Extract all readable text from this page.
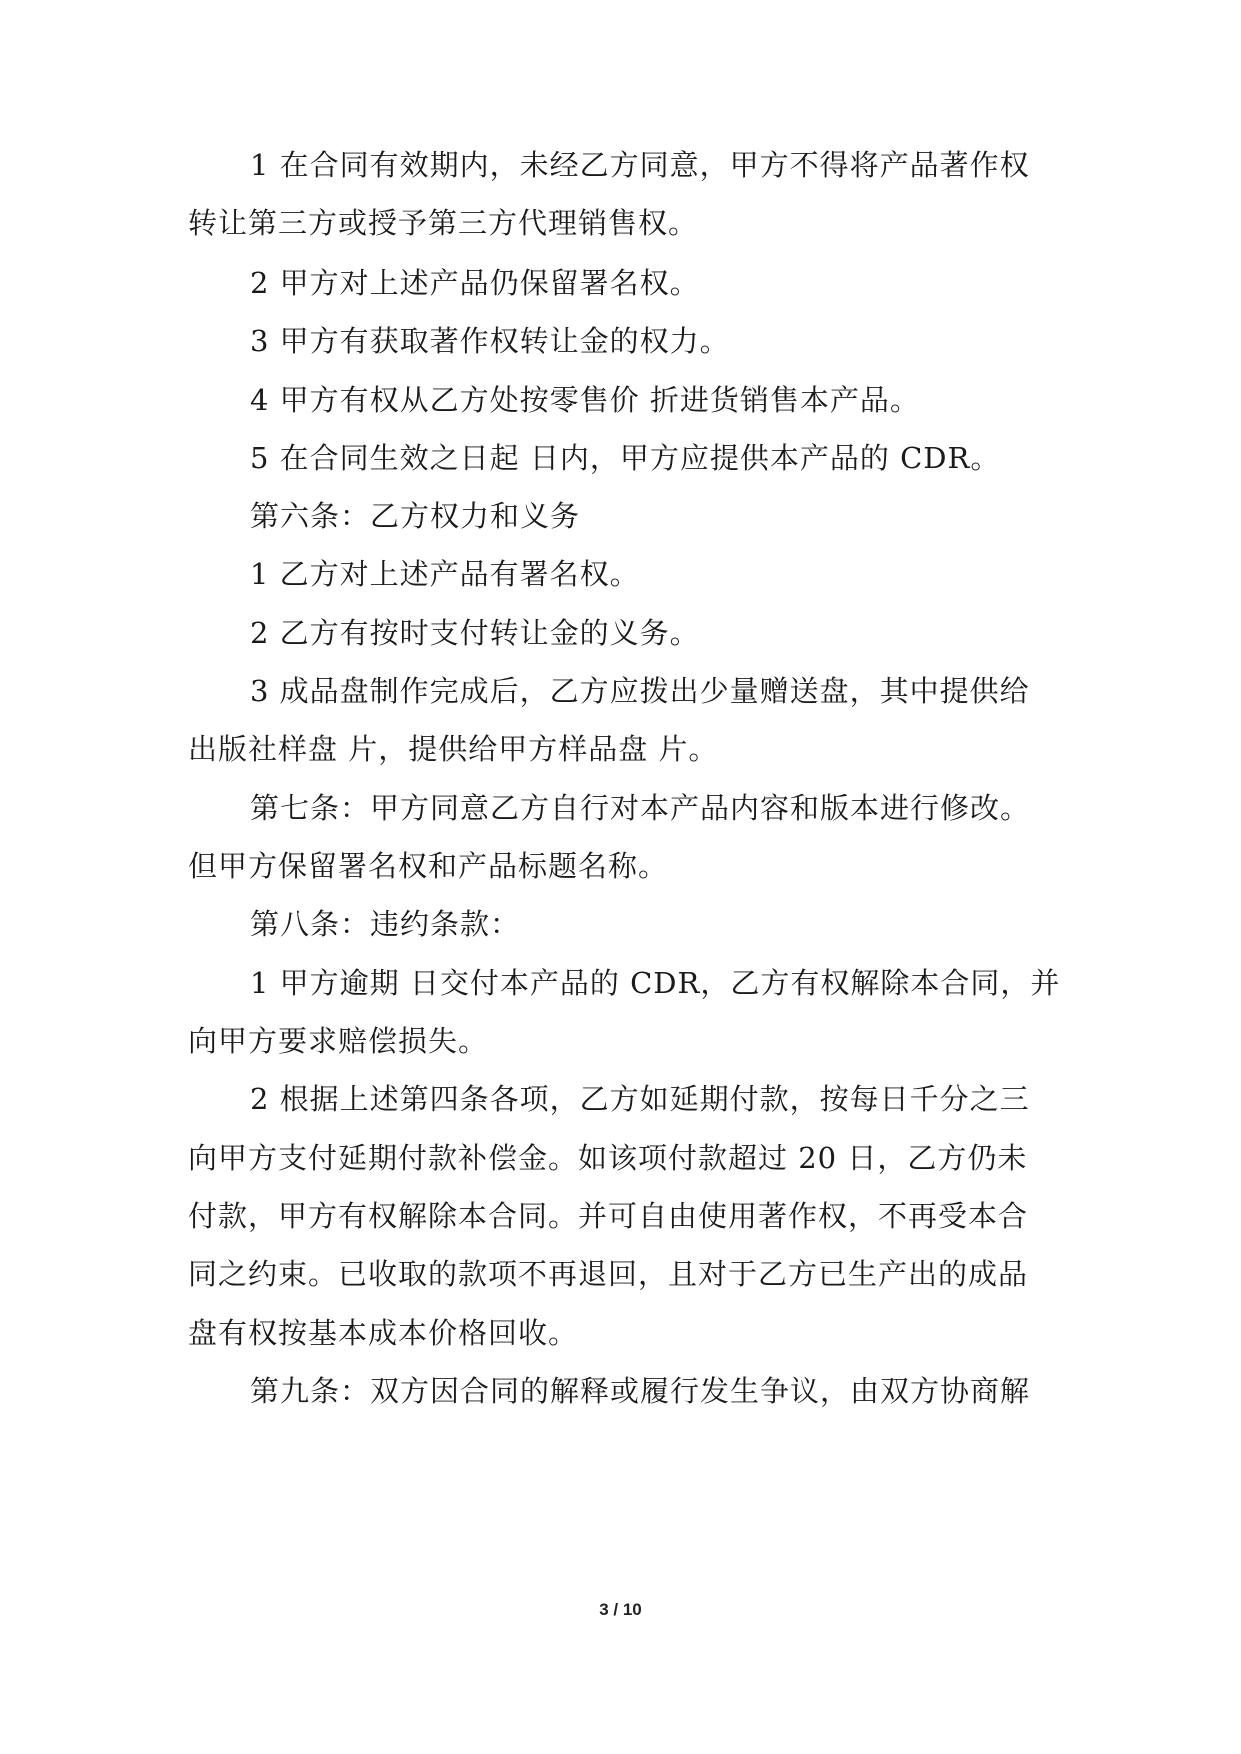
1 在合同有效期内，未经乙方同意，甲方不得将产品著作权
转让第三方或授予第三方代理销售权。
2 甲方对上述产品仍保留署名权。
3 甲方有获取著作权转让金的权力。
4 甲方有权从乙方处按零售价 折进货销售本产品。
5 在合同生效之日起 日内，甲方应提供本产品的 CDR。
第六条：乙方权力和义务
1 乙方对上述产品有署名权。
2 乙方有按时支付转让金的义务。
3 成品盘制作完成后，乙方应拨出少量赠送盘，其中提供给
出版社样盘 片，提供给甲方样品盘 片。
第七条：甲方同意乙方自行对本产品内容和版本进行修改。
但甲方保留署名权和产品标题名称。
第八条：违约条款：
1 甲方逾期 日交付本产品的 CDR，乙方有权解除本合同，并
向甲方要求赔偿损失。
2 根据上述第四条各项，乙方如延期付款，按每日千分之三
向甲方支付延期付款补偿金。如该项付款超过 20 日，乙方仍未
付款，甲方有权解除本合同。并可自由使用著作权，不再受本合
同之约束。已收取的款项不再退回，且对于乙方已生产出的成品
盘有权按基本成本价格回收。
第九条：双方因合同的解释或履行发生争议，由双方协商解
3 / 10
